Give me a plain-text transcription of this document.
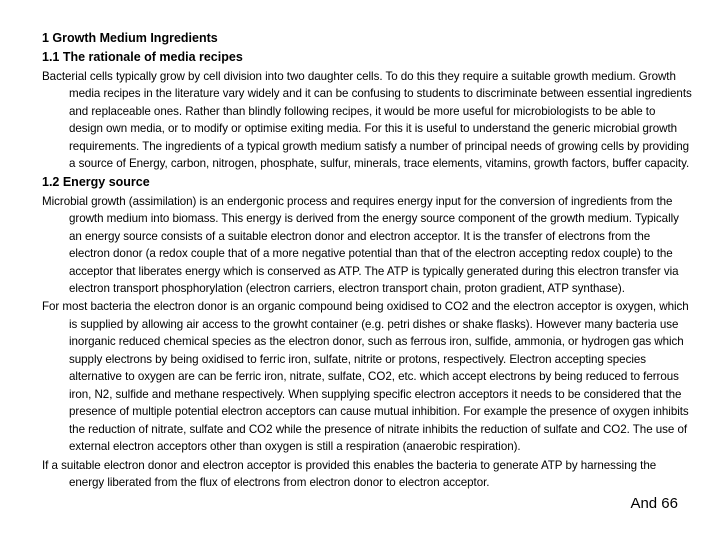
1 Growth Medium Ingredients
1.1 The rationale of media recipes
Bacterial cells typically grow by cell division into two daughter cells. To do this they require a suitable growth medium. Growth media recipes in the literature vary widely and it can be confusing to students to discriminate between essential ingredients and replaceable ones. Rather than blindly following recipes, it would be more useful for microbiologists to be able to design own media, or to modify or optimise exiting media. For this it is useful to understand the generic microbial growth requirements. The ingredients of a typical growth medium satisfy a number of principal needs of growing cells by providing a source of Energy, carbon, nitrogen, phosphate, sulfur, minerals, trace elements, vitamins, growth factors, buffer capacity.
1.2 Energy source
Microbial growth (assimilation) is an endergonic process and requires energy input for the conversion of ingredients from the growth medium into biomass. This energy is derived from the energy source component of the growth medium. Typically an energy source consists of a suitable electron donor and electron acceptor. It is the transfer of electrons from the electron donor (a redox couple that of a more negative potential than that of the electron accepting redox couple) to the acceptor that liberates energy which is conserved as ATP. The ATP is typically generated during this electron transfer via electron transport phosphorylation (electron carriers, electron transport chain, proton gradient, ATP synthase).
For most bacteria the electron donor is an organic compound being oxidised to CO2 and the electron acceptor is oxygen, which is supplied by allowing air access to the growht container (e.g. petri dishes or shake flasks). However many bacteria use inorganic reduced chemical species as the electron donor, such as ferrous iron, sulfide, ammonia, or hydrogen gas which supply electrons by being oxidised to ferric iron, sulfate, nitrite or protons, respectively. Electron accepting species alternative to oxygen are can be ferric iron, nitrate, sulfate, CO2, etc. which accept electrons by being reduced to ferrous iron, N2, sulfide and methane respectively. When supplying specific electron acceptors it needs to be considered that the presence of multiple potential electron acceptors can cause mutual inhibition. For example the presence of oxygen inhibits the reduction of nitrate, sulfate and CO2 while the presence of nitrate inhibits the reduction of sulfate and CO2. The use of external electron acceptors other than oxygen is still a respiration (anaerobic respiration).
If a suitable electron donor and electron acceptor is provided this enables the bacteria to generate ATP by harnessing the energy liberated from the flux of electrons from electron donor to electron acceptor.
And 66
